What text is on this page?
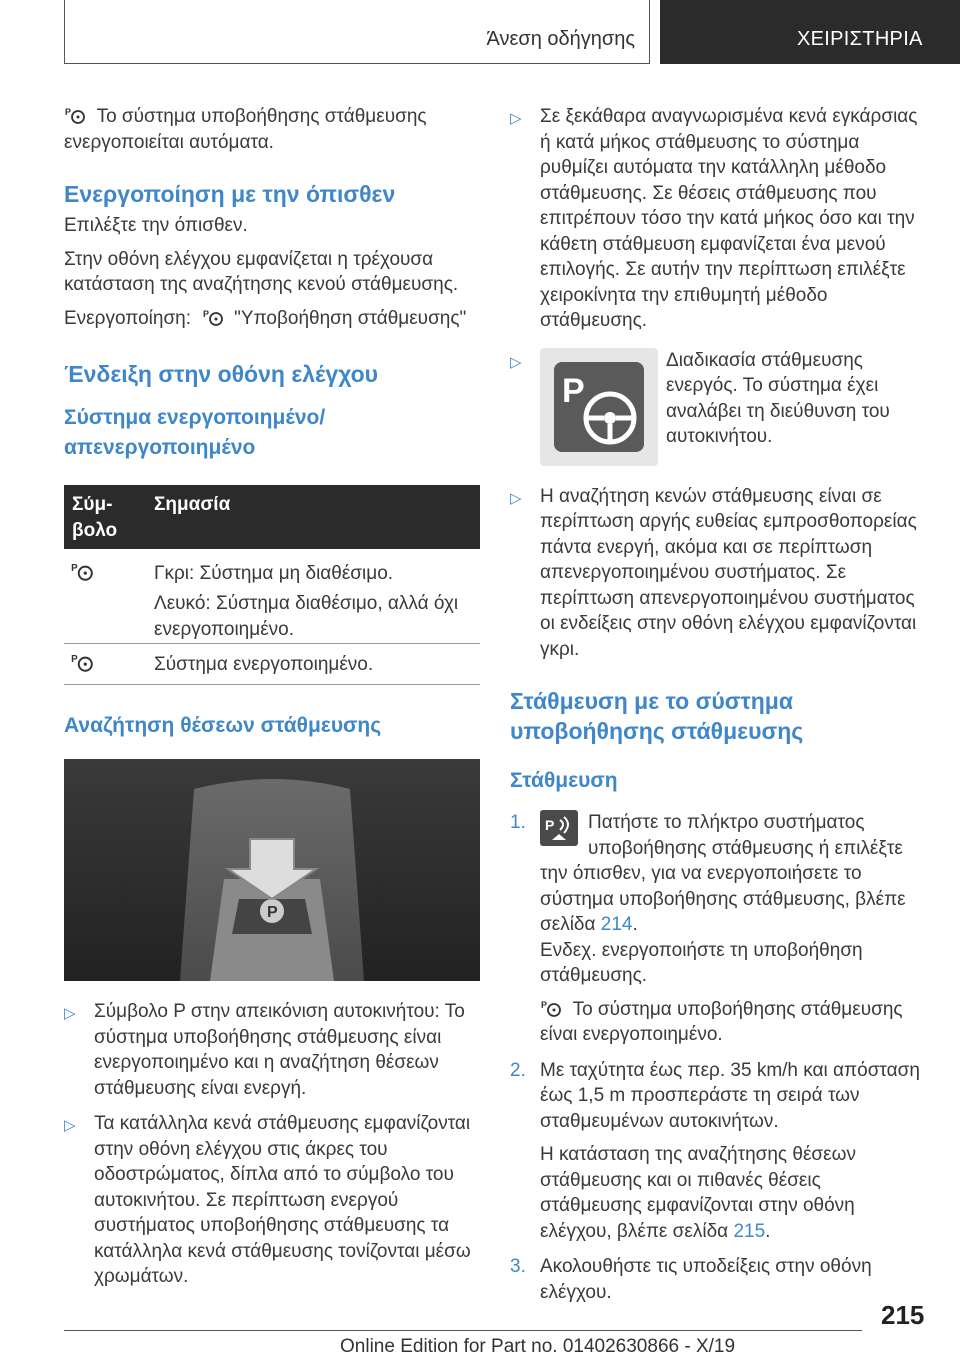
Άνεση οδήγησης	ΧΕΙΡΙΣΤΗΡΙΑ

P Το σύστημα υποβοήθησης στάθμευσης ενεργοποιείται αυτόματα.

Ενεργοποίηση με την όπισθεν

Επιλέξτε την όπισθεν.

Στην οθόνη ελέγχου εμφανίζεται η τρέχουσα κατάσταση της αναζήτησης κενού στάθμευσης.

Ενεργοποίηση: P "Υποβοήθηση στάθμευσης"

Ένδειξη στην οθόνη ελέγχου
Σύστημα ενεργοποιημένο/απενεργοποιημένο
Σύμ-βολο
Σημασία
P	Γκρι: Σύστημα μη διαθέσιμο.

Λευκό: Σύστημα διαθέσιμο, αλλά όχι ενεργοποιημένο.

P	Σύστημα ενεργοποιημένο.

Αναζήτηση θέσεων στάθμευσης
P
▷ Σύμβολο P στην απεικόνιση αυτοκινήτου: Το σύστημα υποβοήθησης στάθμευσης είναι ενεργοποιημένο και η αναζήτηση θέσεων στάθμευσης είναι ενεργή.

▷ Τα κατάλληλα κενά στάθμευσης εμφανίζονται στην οθόνη ελέγχου στις άκρες του οδοστρώματος, δίπλα από το σύμβολο του αυτοκινήτου. Σε περίπτωση ενεργού συστήματος υποβοήθησης στάθμευσης τα κατάλληλα κενά στάθμευσης τονίζονται μέσω χρωμάτων.

▷ Σε ξεκάθαρα αναγνωρισμένα κενά εγκάρσιας ή κατά μήκος στάθμευσης το σύστημα ρυθμίζει αυτόματα την κατάλληλη μέθοδο στάθμευσης. Σε θέσεις στάθμευσης που επιτρέπουν τόσο την κατά μήκος όσο και την κάθετη στάθμευση εμφανίζεται ένα μενού επιλογής. Σε αυτήν την περίπτωση επιλέξτε χειροκίνητα την επιθυμητή μέθοδο στάθμευσης.

▷
P

Διαδικασία στάθμευσης ενεργός. Το σύστημα έχει αναλάβει τη διεύθυνση του αυτοκινήτου.

▷ Η αναζήτηση κενών στάθμευσης είναι σε περίπτωση αργής ευθείας εμπροσθοπορείας πάντα ενεργή, ακόμα και σε περίπτωση απενεργοποιημένου συστήματος. Σε περίπτωση απενεργοποιημένου συστήματος οι ενδείξεις στην οθόνη ελέγχου εμφανίζονται γκρι.

Στάθμευση με το σύστημα υποβοήθησης στάθμευσης
Στάθμευση
1. P Πατήστε το πλήκτρο συστήματος υποβοήθησης στάθμευσης ή επιλέξτε την όπισθεν, για να ενεργοποιήσετε το σύστημα υποβοήθησης στάθμευσης, βλέπε σελίδα 214.

Ενδεχ. ενεργοποιήστε τη υποβοήθηση στάθμευσης.

P Το σύστημα υποβοήθησης στάθμευσης είναι ενεργοποιημένο.

2. Με ταχύτητα έως περ. 35 km/h και απόσταση έως 1,5 m προσπεράστε τη σειρά των σταθμευμένων αυτοκινήτων.

Η κατάσταση της αναζήτησης θέσεων στάθμευσης και οι πιθανές θέσεις στάθμευσης εμφανίζονται στην οθόνη ελέγχου, βλέπε σελίδα 215.

3. Ακολουθήστε τις υποδείξεις στην οθόνη ελέγχου.

215
Online Edition for Part no. 01402630866 - X/19
